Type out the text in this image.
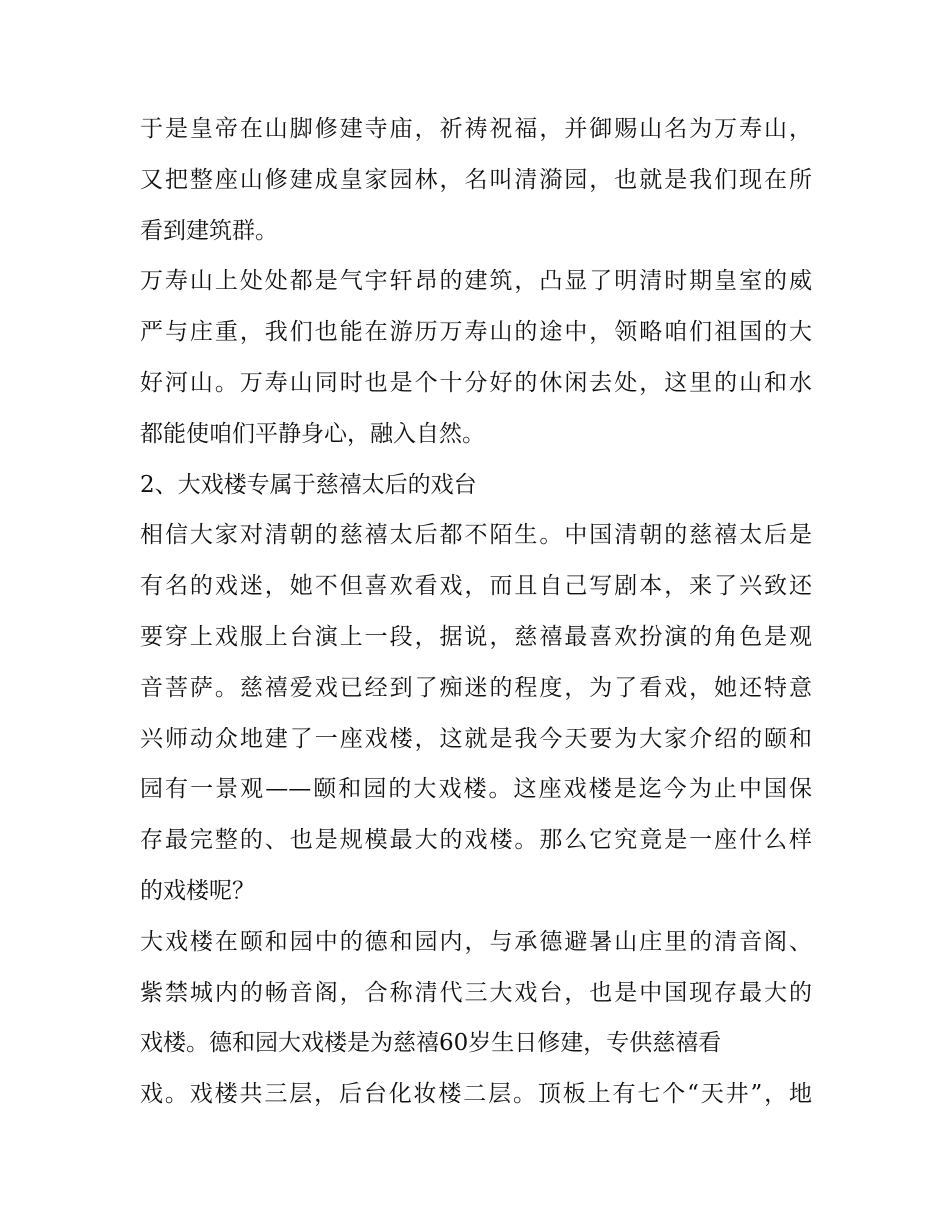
于是皇帝在山脚修建寺庙，祈祷祝福，并御赐山名为万寿山，
又把整座山修建成皇家园林，名叫清漪园，也就是我们现在所
看到建筑群。
万寿山上处处都是气宇轩昂的建筑，凸显了明清时期皇室的威
严与庄重，我们也能在游历万寿山的途中，领略咱们祖国的大
好河山。万寿山同时也是个十分好的休闲去处，这里的山和水
都能使咱们平静身心，融入自然。
2、大戏楼专属于慈禧太后的戏台
相信大家对清朝的慈禧太后都不陌生。中国清朝的慈禧太后是
有名的戏迷，她不但喜欢看戏，而且自己写剧本，来了兴致还
要穿上戏服上台演上一段，据说，慈禧最喜欢扮演的角色是观
音菩萨。慈禧爱戏已经到了痴迷的程度，为了看戏，她还特意
兴师动众地建了一座戏楼，这就是我今天要为大家介绍的颐和
园有一景观——颐和园的大戏楼。这座戏楼是迄今为止中国保
存最完整的、也是规模最大的戏楼。那么它究竟是一座什么样
的戏楼呢？
大戏楼在颐和园中的德和园内，与承德避暑山庄里的清音阁、
紫禁城内的畅音阁，合称清代三大戏台，也是中国现存最大的
戏楼。德和园大戏楼是为慈禧60岁生日修建，专供慈禧看
戏。戏楼共三层，后台化妆楼二层。顶板上有七个“天井”，地
